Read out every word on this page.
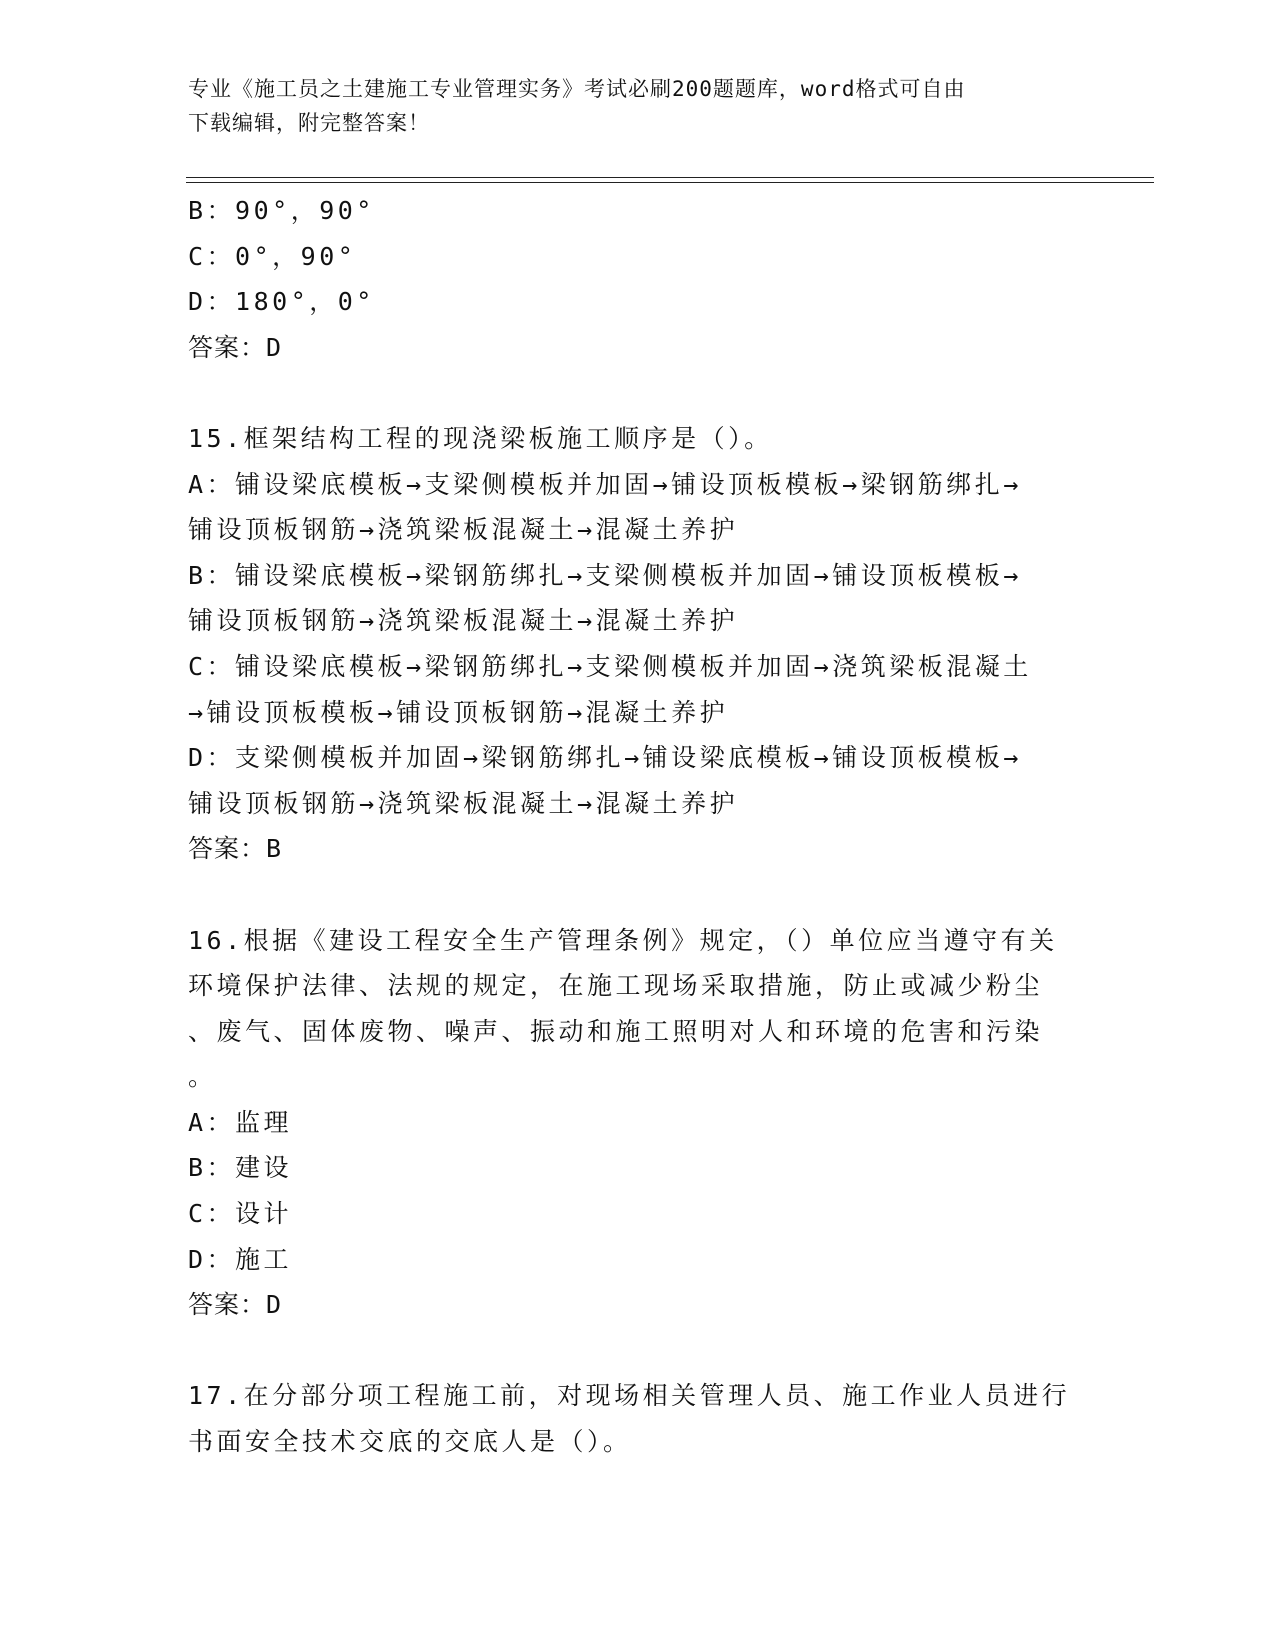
专业《施工员之土建施工专业管理实务》考试必刷200题题库，word格式可自由
下载编辑，附完整答案！
B：90°，90°
C：0°，90°
D：180°，0°
答案：D
15.框架结构工程的现浇梁板施工顺序是（）。
A：铺设梁底模板→支梁侧模板并加固→铺设顶板模板→梁钢筋绑扎→
铺设顶板钢筋→浇筑梁板混凝土→混凝土养护
B：铺设梁底模板→梁钢筋绑扎→支梁侧模板并加固→铺设顶板模板→
铺设顶板钢筋→浇筑梁板混凝土→混凝土养护
C：铺设梁底模板→梁钢筋绑扎→支梁侧模板并加固→浇筑梁板混凝土
→铺设顶板模板→铺设顶板钢筋→混凝土养护
D：支梁侧模板并加固→梁钢筋绑扎→铺设梁底模板→铺设顶板模板→
铺设顶板钢筋→浇筑梁板混凝土→混凝土养护
答案：B
16.根据《建设工程安全生产管理条例》规定，（）单位应当遵守有关
环境保护法律、法规的规定，在施工现场采取措施，防止或减少粉尘
、废气、固体废物、噪声、振动和施工照明对人和环境的危害和污染
。
A：监理
B：建设
C：设计
D：施工
答案：D
17.在分部分项工程施工前，对现场相关管理人员、施工作业人员进行
书面安全技术交底的交底人是（）。
